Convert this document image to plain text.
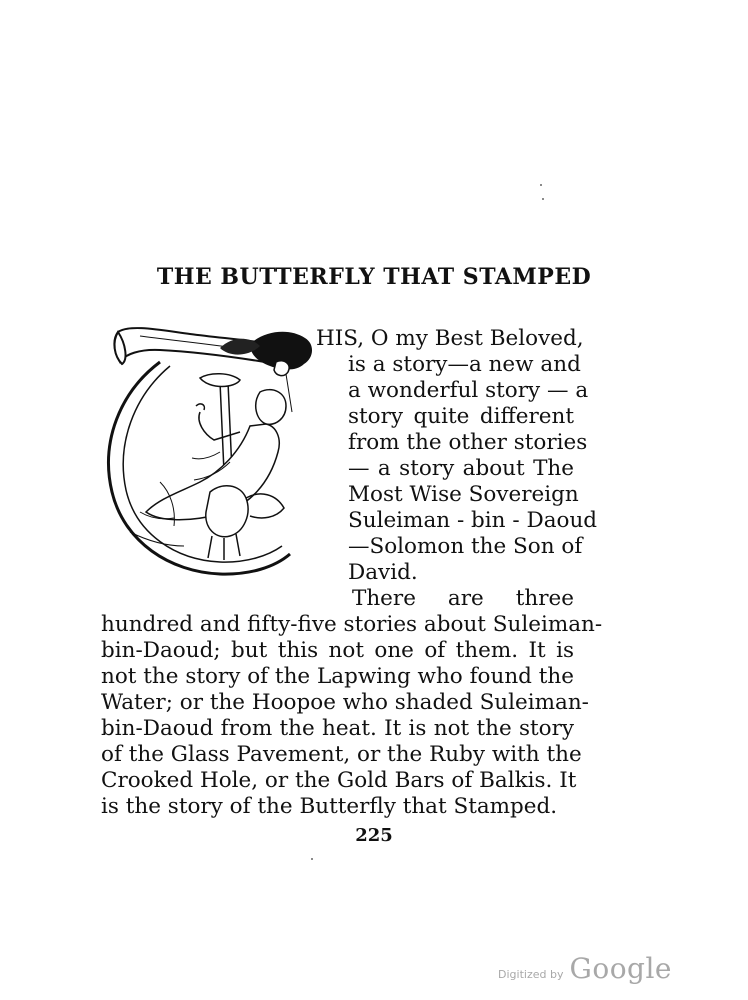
THE BUTTERFLY THAT STAMPED
HIS, O my Best Beloved,
is a story—a new and
a wonderful story — a
story quite different
from the other stories
— a story about The
Most Wise Sovereign
Suleiman - bin - Daoud
—Solomon the Son of
David.
There are three
hundred and fifty-five stories about Suleiman-
bin-Daoud; but this not one of them. It is
not the story of the Lapwing who found the
Water; or the Hoopoe who shaded Suleiman-
bin-Daoud from the heat. It is not the story
of the Glass Pavement, or the Ruby with the
Crooked Hole, or the Gold Bars of Balkis. It
is the story of the Butterfly that Stamped.
225
Digitized by Google
